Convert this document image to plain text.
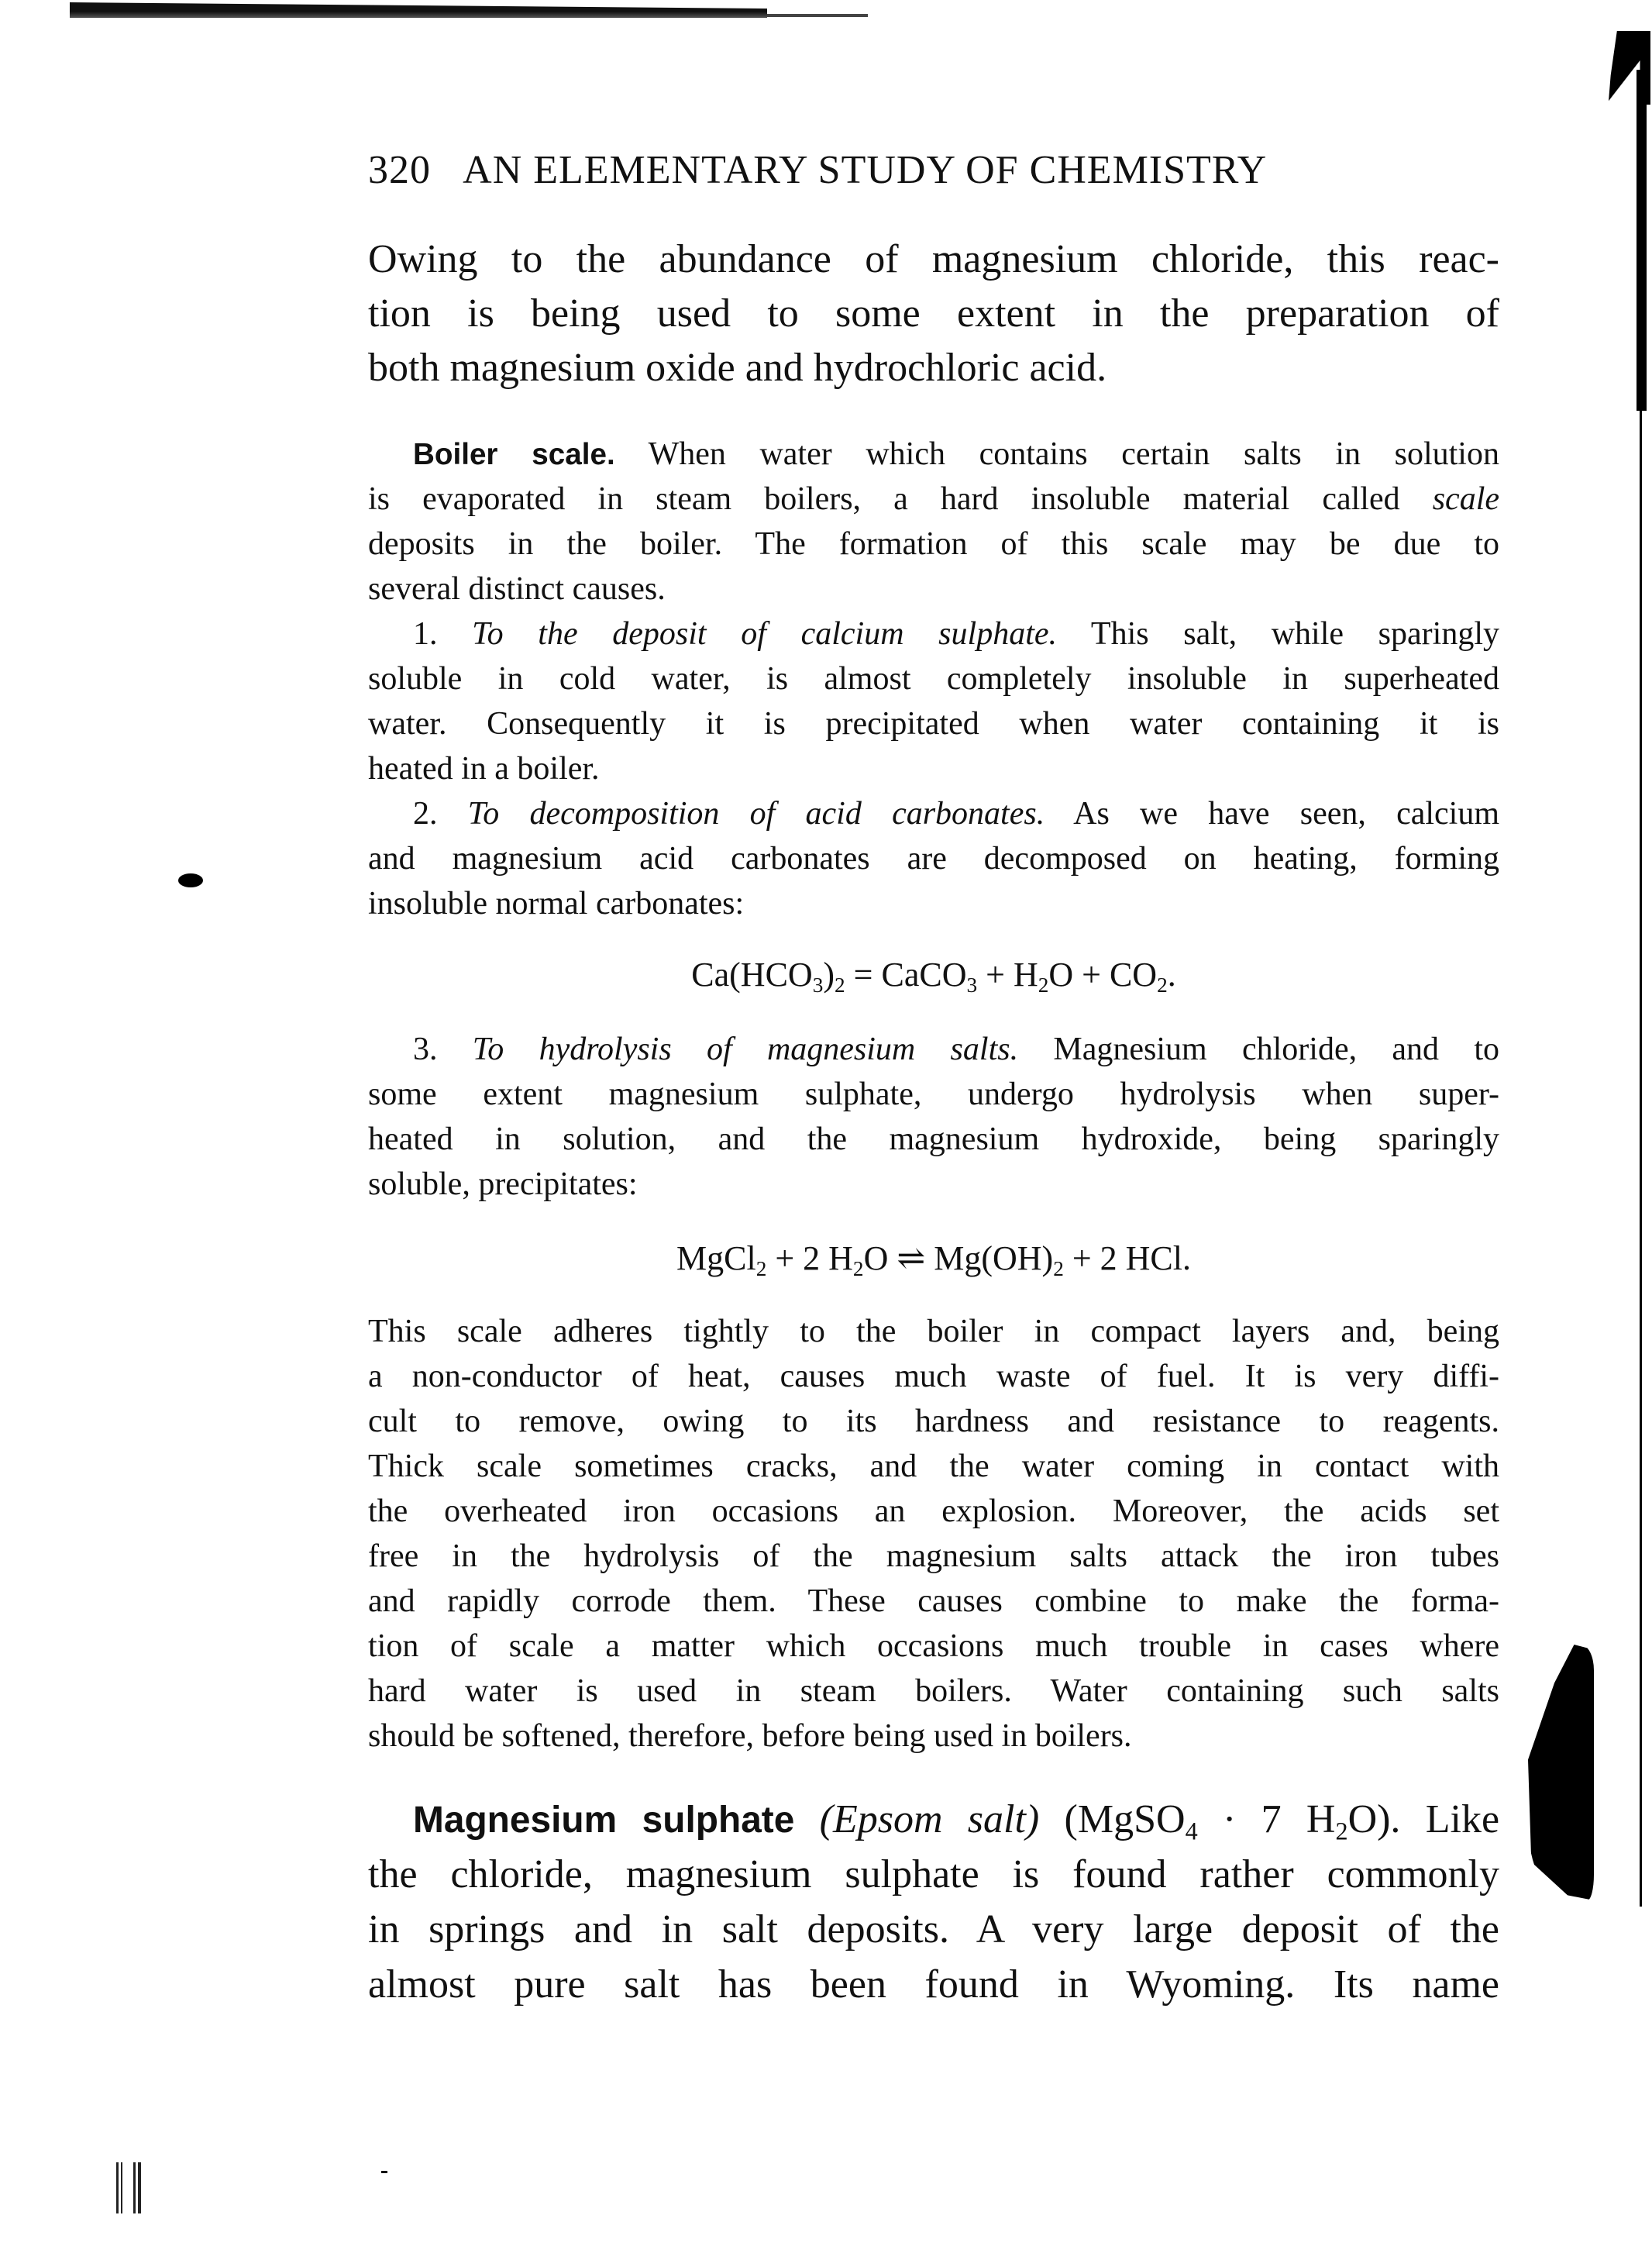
320 AN ELEMENTARY STUDY OF CHEMISTRY
Owing to the abundance of magnesium chloride, this reac-
tion is being used to some extent in the preparation of
both magnesium oxide and hydrochloric acid.
Boiler scale. When water which contains certain salts in solution
is evaporated in steam boilers, a hard insoluble material called scale
deposits in the boiler. The formation of this scale may be due to
several distinct causes.
1. To the deposit of calcium sulphate. This salt, while sparingly
soluble in cold water, is almost completely insoluble in superheated
water. Consequently it is precipitated when water containing it is
heated in a boiler.
2. To decomposition of acid carbonates. As we have seen, calcium
and magnesium acid carbonates are decomposed on heating, forming
insoluble normal carbonates:
$Ca(HCO_3)_2$ = CaCO$_3$ + $H_2O + CO_2$.
3. To hydrolysis of magnesium salts. Magnesium chloride, and to
some extent magnesium sulphate, undergo hydrolysis when super-
heated in solution, and the magnesium hydroxide, being sparingly
soluble, precipitates:
MgCl$_2$ + 2 $H_2O$ ⇌ $Mg(OH)_2 + 2$ HCl.
This scale adheres tightly to the boiler in compact layers and, being
a non-conductor of heat, causes much waste of fuel. It is very diffi-
cult to remove, owing to its hardness and resistance to reagents.
Thick scale sometimes cracks, and the water coming in contact with
the overheated iron occasions an explosion. Moreover, the acids set
free in the hydrolysis of the magnesium salts attack the iron tubes
and rapidly corrode them. These causes combine to make the forma-
tion of scale a matter which occasions much trouble in cases where
hard water is used in steam boilers. Water containing such salts
should be softened, therefore, before being used in boilers.
Magnesium sulphate (Epsom salt) (MgSO$_4$ · 7 $H_2O$). Like
the chloride, magnesium sulphate is found rather commonly
in springs and in salt deposits. A very large deposit of the
almost pure salt has been found in Wyoming. Its name
